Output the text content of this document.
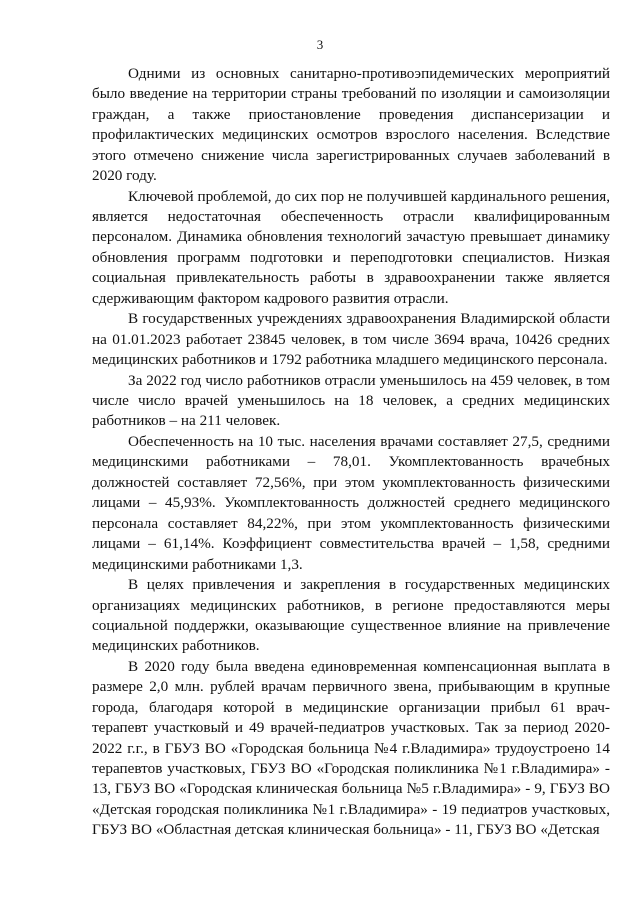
3

Одними из основных санитарно-противоэпидемических мероприятий было введение на территории страны требований по изоляции и самоизоляции граждан, а также приостановление проведения диспансеризации и профилактических медицинских осмотров взрослого населения. Вследствие этого отмечено снижение числа зарегистрированных случаев заболеваний в 2020 году.

Ключевой проблемой, до сих пор не получившей кардинального решения, является недостаточная обеспеченность отрасли квалифицированным персоналом. Динамика обновления технологий зачастую превышает динамику обновления программ подготовки и переподготовки специалистов. Низкая социальная привлекательность работы в здравоохранении также является сдерживающим фактором кадрового развития отрасли.

В государственных учреждениях здравоохранения Владимирской области на 01.01.2023 работает 23845 человек, в том числе 3694 врача, 10426 средних медицинских работников и 1792 работника младшего медицинского персонала.

За 2022 год число работников отрасли уменьшилось на 459 человек, в том числе число врачей уменьшилось на 18 человек, а средних медицинских работников – на 211 человек.

Обеспеченность на 10 тыс. населения врачами составляет 27,5, средними медицинскими работниками – 78,01. Укомплектованность врачебных должностей составляет 72,56%, при этом укомплектованность физическими лицами – 45,93%. Укомплектованность должностей среднего медицинского персонала составляет 84,22%, при этом укомплектованность физическими лицами – 61,14%. Коэффициент совместительства врачей – 1,58, средними медицинскими работниками 1,3.

В целях привлечения и закрепления в государственных медицинских организациях медицинских работников, в регионе предоставляются меры социальной поддержки, оказывающие существенное влияние на привлечение медицинских работников.

В 2020 году была введена единовременная компенсационная выплата в размере 2,0 млн. рублей врачам первичного звена, прибывающим в крупные города, благодаря которой в медицинские организации прибыл 61 врач-терапевт участковый и 49 врачей-педиатров участковых. Так за период 2020-2022 г.г., в ГБУЗ ВО «Городская больница №4 г.Владимира» трудоустроено 14 терапевтов участковых, ГБУЗ ВО «Городская поликлиника №1 г.Владимира» - 13, ГБУЗ ВО «Городская клиническая больница №5 г.Владимира» - 9, ГБУЗ ВО «Детская городская поликлиника №1 г.Владимира» - 19 педиатров участковых, ГБУЗ ВО «Областная детская клиническая больница» - 11, ГБУЗ ВО «Детская
